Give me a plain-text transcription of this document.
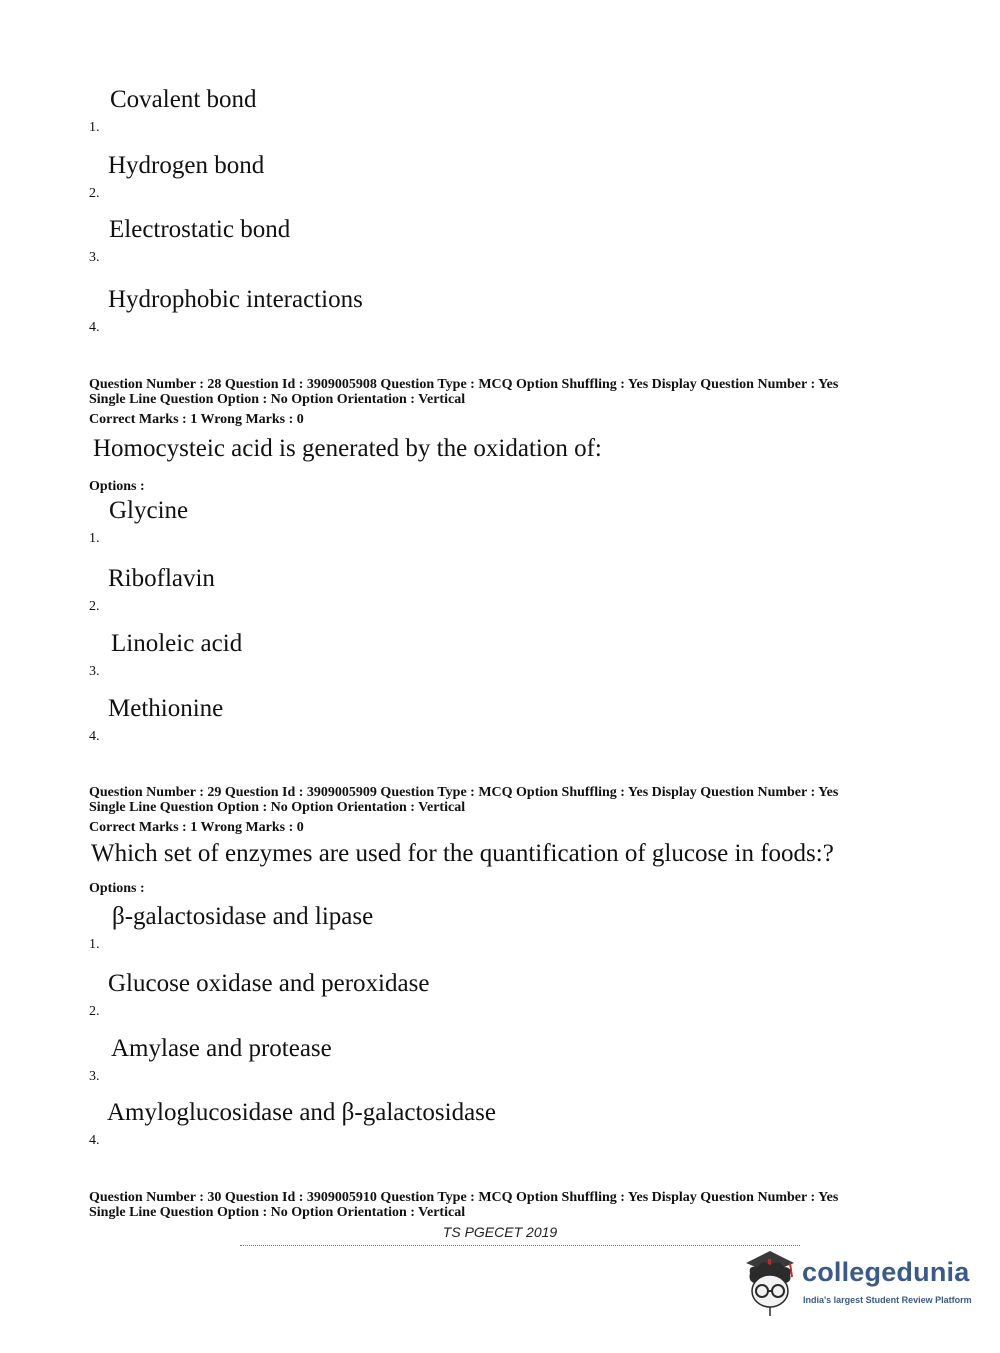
1.
Covalent bond
2.
Hydrogen bond
3.
Electrostatic bond
4.
Hydrophobic interactions
Question Number : 28 Question Id : 3909005908 Question Type : MCQ Option Shuffling : Yes Display Question Number : Yes
Single Line Question Option : No Option Orientation : Vertical
Correct Marks : 1 Wrong Marks : 0
Homocysteic acid is generated by the oxidation of:
Options :
1.
Glycine
2.
Riboflavin
3.
Linoleic acid
4.
Methionine
Question Number : 29 Question Id : 3909005909 Question Type : MCQ Option Shuffling : Yes Display Question Number : Yes
Single Line Question Option : No Option Orientation : Vertical
Correct Marks : 1 Wrong Marks : 0
Which set of enzymes are used for the quantification of glucose in foods:?
Options :
1.
β-galactosidase and lipase
2.
Glucose oxidase and peroxidase
3.
Amylase and protease
4.
Amyloglucosidase and β-galactosidase
Question Number : 30 Question Id : 3909005910 Question Type : MCQ Option Shuffling : Yes Display Question Number : Yes
Single Line Question Option : No Option Orientation : Vertical
TS PGECET 2019
collegedunia
India's largest Student Review Platform
